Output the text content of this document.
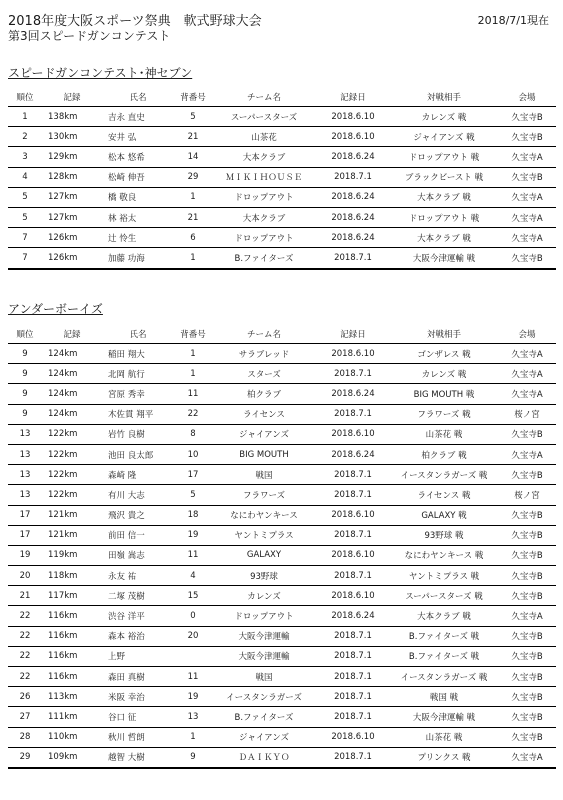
2018年度大阪スポーツ祭典　軟式野球大会
第3回スピードガンコンテスト
2018/7/1現在
スピードガンコンテスト･神セブン
順位	記録	氏名	背番号	チーム名	記録日	対戦相手	会場
1	138km	吉永 直史	5	スーパースターズ	2018.6.10	カレンズ 戦	久宝寺B
2	130km	安井 弘	21	山茶花	2018.6.10	ジャイアンズ 戦	久宝寺B
3	129km	松本 悠希	14	大本クラブ	2018.6.24	ドロップアウト 戦	久宝寺A
4	128km	松崎 伸吾	29	ＭＩＫＩＨＯＵＳＥ	2018.7.1	ブラックビースト 戦	久宝寺B
5	127km	橋 敬良	1	ドロップアウト	2018.6.24	大本クラブ 戦	久宝寺A
5	127km	林 裕太	21	大本クラブ	2018.6.24	ドロップアウト 戦	久宝寺A
7	126km	辻 怜生	6	ドロップアウト	2018.6.24	大本クラブ 戦	久宝寺A
7	126km	加藤 功海	1	B.ファイターズ	2018.7.1	大阪今津運輸 戦	久宝寺B
アンダーボーイズ
順位	記録	氏名	背番号	チーム名	記録日	対戦相手	会場
9	124km	稲田 翔大	1	サラブレッド	2018.6.10	ゴンザレス 戦	久宝寺A
9	124km	北岡 航行	1	スターズ	2018.7.1	カレンズ 戦	久宝寺A
9	124km	宮原 秀幸	11	柏クラブ	2018.6.24	BIG MOUTH 戦	久宝寺A
9	124km	木佐貫 翔平	22	ライセンス	2018.7.1	フラワーズ 戦	桜ノ宮
13	122km	岩竹 良樹	8	ジャイアンズ	2018.6.10	山茶花 戦	久宝寺B
13	122km	池田 良太郎	10	BIG MOUTH	2018.6.24	柏クラブ 戦	久宝寺A
13	122km	森崎 隆	17	戦国	2018.7.1	イースタンラガーズ 戦	久宝寺B
13	122km	有川 大志	5	フラワーズ	2018.7.1	ライセンス 戦	桜ノ宮
17	121km	飛沢 貴之	18	なにわヤンキース	2018.6.10	GALAXY 戦	久宝寺B
17	121km	前田 信一	19	ヤントミプラス	2018.7.1	93野球 戦	久宝寺B
19	119km	田嶺 嵩志	11	GALAXY	2018.6.10	なにわヤンキース 戦	久宝寺B
20	118km	永友 祐	4	93野球	2018.7.1	ヤントミプラス 戦	久宝寺B
21	117km	二塚 茂樹	15	カレンズ	2018.6.10	スーパースターズ 戦	久宝寺B
22	116km	渋谷 洋平	0	ドロップアウト	2018.6.24	大本クラブ 戦	久宝寺A
22	116km	森本 裕治	20	大阪今津運輸	2018.7.1	B.ファイターズ 戦	久宝寺B
22	116km	上野		大阪今津運輸	2018.7.1	B.ファイターズ 戦	久宝寺B
22	116km	森田 真樹	11	戦国	2018.7.1	イースタンラガーズ 戦	久宝寺B
26	113km	米阪 幸治	19	イースタンラガーズ	2018.7.1	戦国 戦	久宝寺B
27	111km	谷口 征	13	B.ファイターズ	2018.7.1	大阪今津運輸 戦	久宝寺B
28	110km	秋川 哲朗	1	ジャイアンズ	2018.6.10	山茶花 戦	久宝寺B
29	109km	越智 大樹	9	ＤＡＩＫＹＯ	2018.7.1	プリンクス 戦	久宝寺A
